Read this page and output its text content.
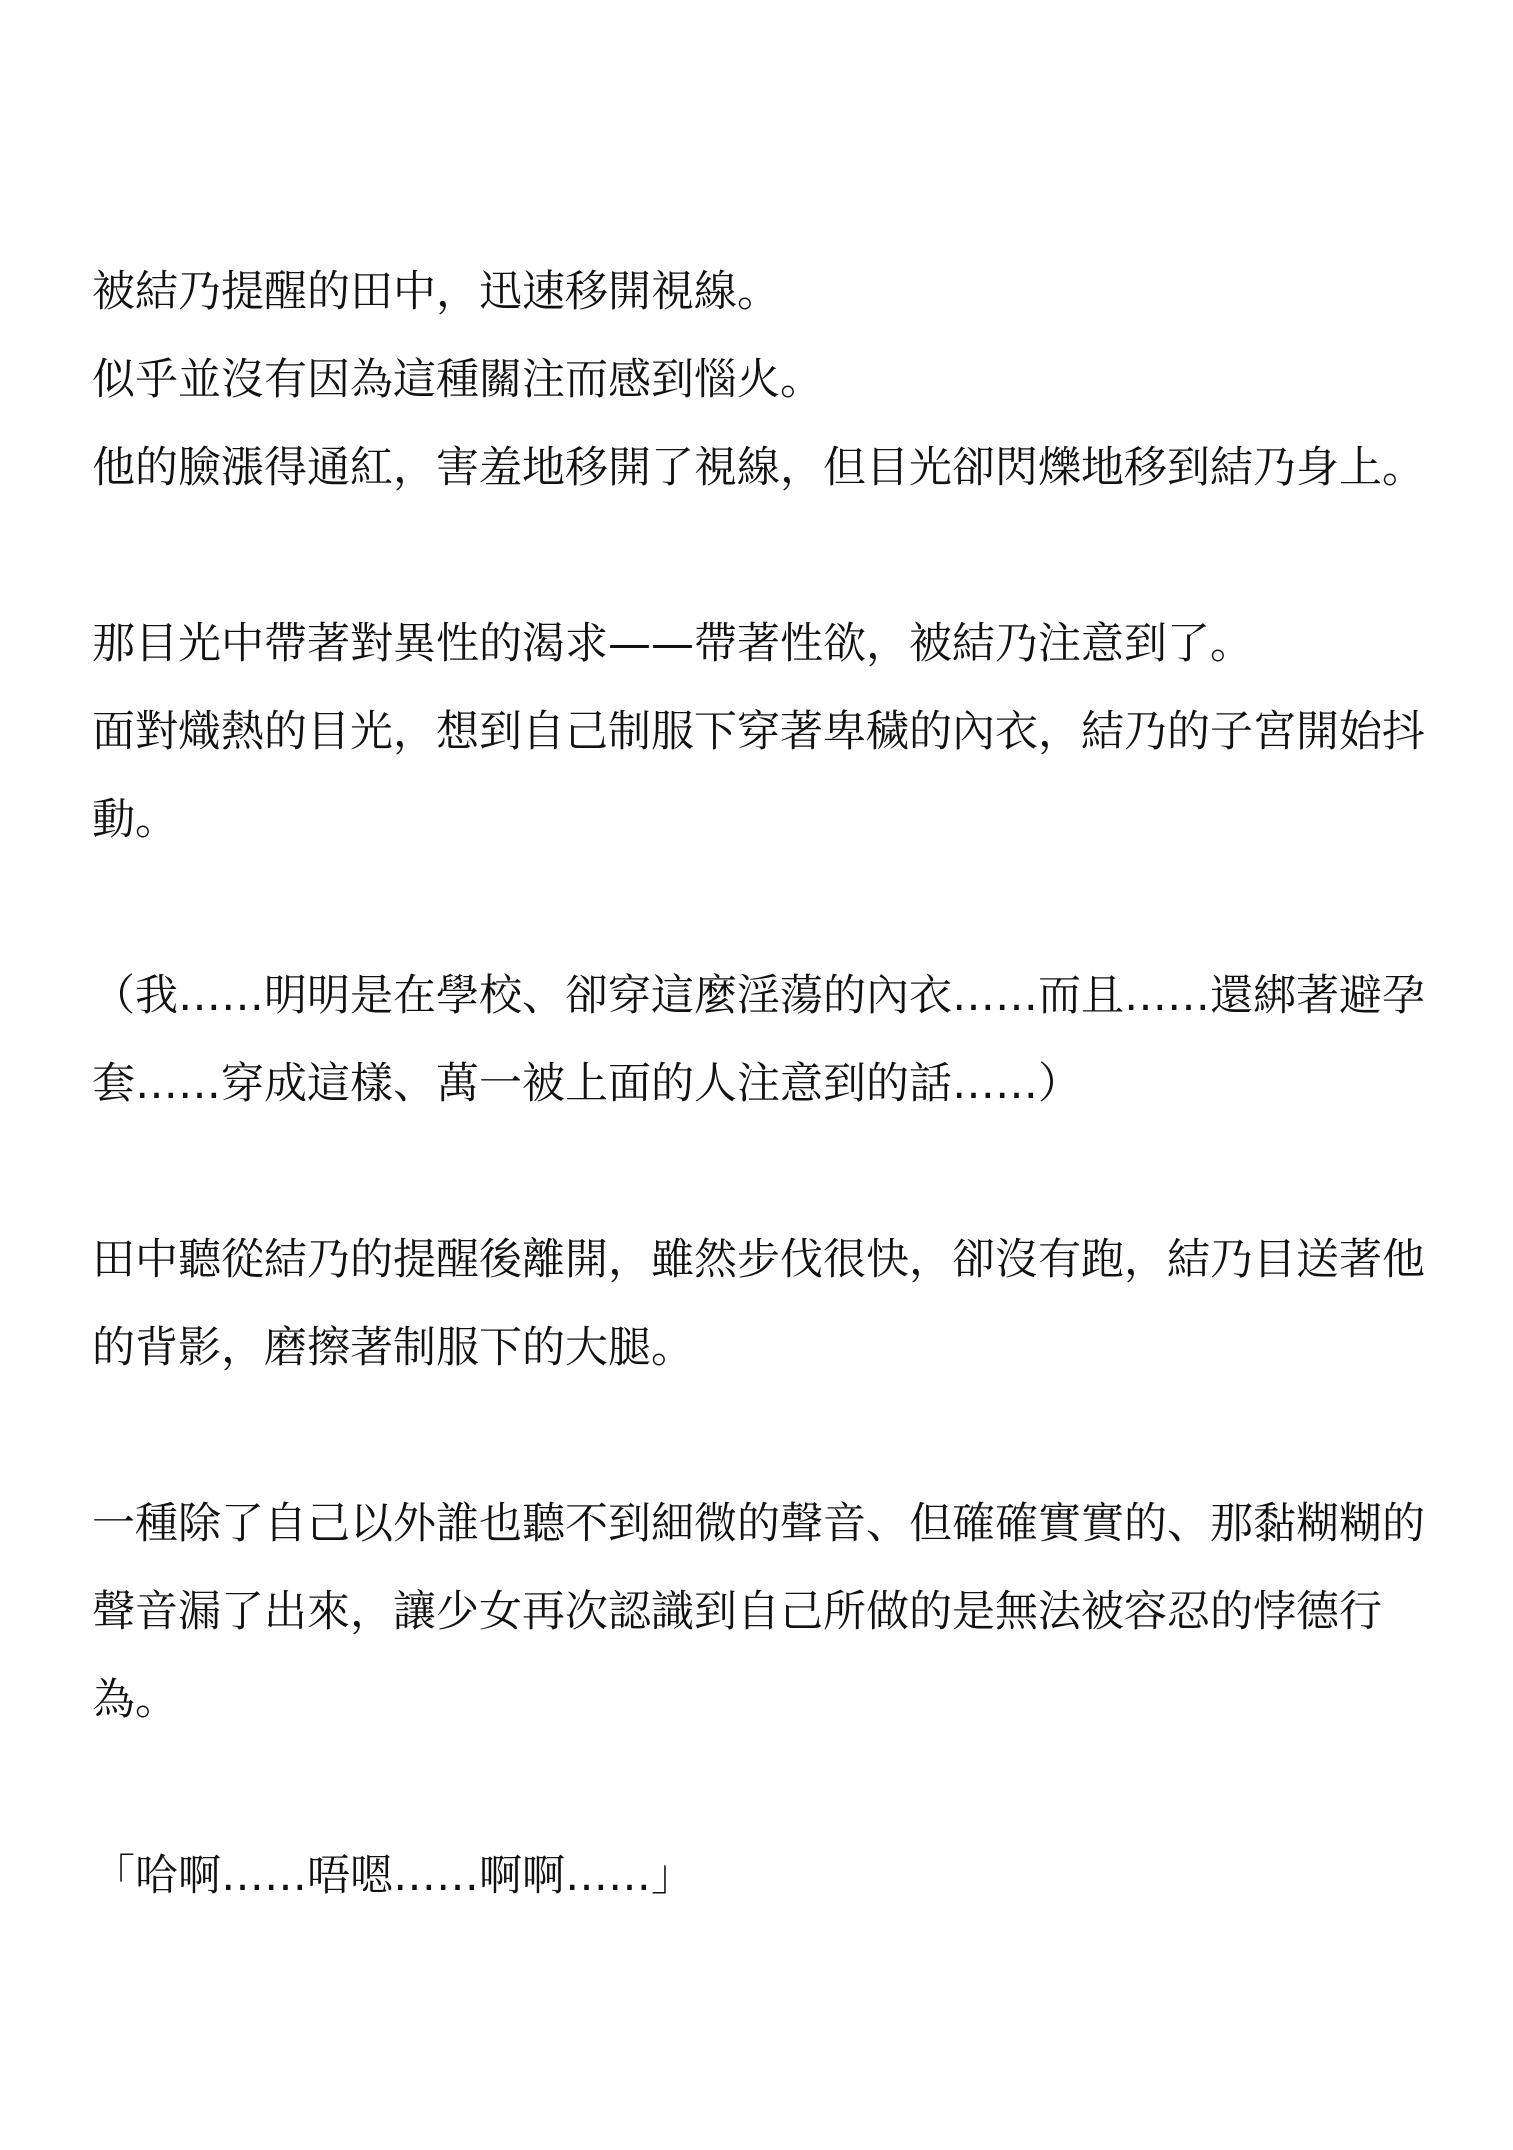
被結乃提醒的田中，迅速移開視線。

似乎並沒有因為這種關注而感到惱火。

他的臉漲得通紅，害羞地移開了視線，但目光卻閃爍地移到結乃身上。

那目光中帶著對異性的渴求——帶著性欲，被結乃注意到了。

面對熾熱的目光，想到自己制服下穿著卑穢的內衣，結乃的子宮開始抖動。

（我……明明是在學校、卻穿這麼淫蕩的內衣……而且……還綁著避孕套……穿成這樣、萬一被上面的人注意到的話……）

田中聽從結乃的提醒後離開，雖然步伐很快，卻沒有跑，結乃目送著他的背影，磨擦著制服下的大腿。

一種除了自己以外誰也聽不到細微的聲音、但確確實實的、那黏糊糊的聲音漏了出來，讓少女再次認識到自己所做的是無法被容忍的悖德行為。

「哈啊……唔嗯……啊啊……」
